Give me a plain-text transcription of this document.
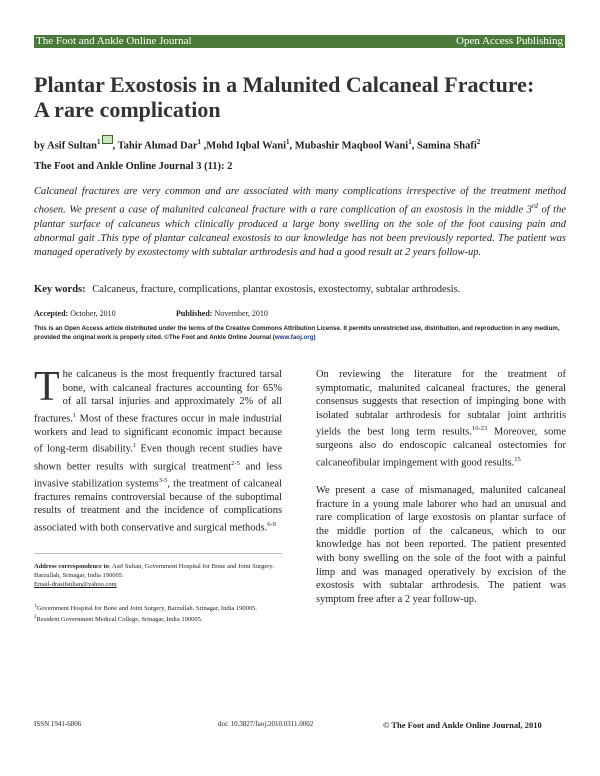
The Foot and Ankle Online Journal	Open Access Publishing
Plantar Exostosis in a Malunited Calcaneal Fracture:
A rare complication
by Asif Sultan$^1$ , Tahir Ahmad Dar$^1$ ,Mohd Iqbal Wani$^1$, Mubashir Maqbool Wani$^1$, Samina Shafi$^2$
The Foot and Ankle Online Journal 3 (11): 2
Calcaneal fractures are very common and are associated with many complications irrespective of the treatment method chosen. We present a case of malunited calcaneal fracture with a rare complication of an exostosis in the middle 3rd of the plantar surface of calcaneus which clinically produced a large bony swelling on the sole of the foot causing pain and abnormal gait .This type of plantar calcaneal exostosis to our knowledge has not been previously reported. The patient was managed operatively by exostectomy with subtalar arthrodesis and had a good result at 2 years follow-up.
Key words: Calcaneus, fracture, complications, plantar exostosis, exostectomy, subtalar arthrodesis.
Accepted: October, 2010	Published: November, 2010
This is an Open Access article distributed under the terms of the Creative Commons Attribution License. It permits unrestricted use, distribution, and reproduction in any medium, provided the original work is properly cited. ©The Foot and Ankle Online Journal (www.faoj.org)
The calcaneus is the most frequently fractured tarsal bone, with calcaneal fractures accounting for 65% of all tarsal injuries and approximately 2% of all fractures.$^1$ Most of these fractures occur in male industrial workers and lead to significant economic impact because of long-term disability.$^1$ Even though recent studies have shown better results with surgical treatment$^{2-5}$ and less invasive stabilization systems$^{3-5}$, the treatment of calcaneal fractures remains controversial because of the suboptimal results of treatment and the incidence of complications associated with both conservative and surgical methods.$^{6-9}$

On reviewing the literature for the treatment of symptomatic, malunited calcaneal fractures, the general consensus suggests that resection of impinging bone with isolated subtalar arthrodesis for subtalar joint arthritis yields the best long term results.$^{10-23}$ Moreover, some surgeons also do endoscopic calcaneal ostectomies for calcaneofibular impingement with good results.$^{15}$

We present a case of mismanaged, malunited calcaneal fracture in a young male laborer who had an unusual and rare complication of large exostosis on plantar surface of the middle portion of the calcaneus, which to our knowledge has not been reported. The patient presented with bony swelling on the sole of the foot with a painful limp and was managed operatively by excision of the exostosis with subtalar arthrodesis. The patient was symptom free after a 2 year follow-up.

Address correspondence to: Asif Sultan, Government Hospital for Bone and Joint Surgery. Barzullah, Srinagar, India 190005.
Email-drasifsultan@yahoo.com
$^1$Government Hospital for Bone and Joint Surgery, Barzullah. Srinagar, India 190005.
$^2$Resident Government Medical College, Srinagar, India 190005.
ISSN 1941-6806	doi: 10.3827/faoj.2010.0311.0002	© The Foot and Ankle Online Journal, 2010
